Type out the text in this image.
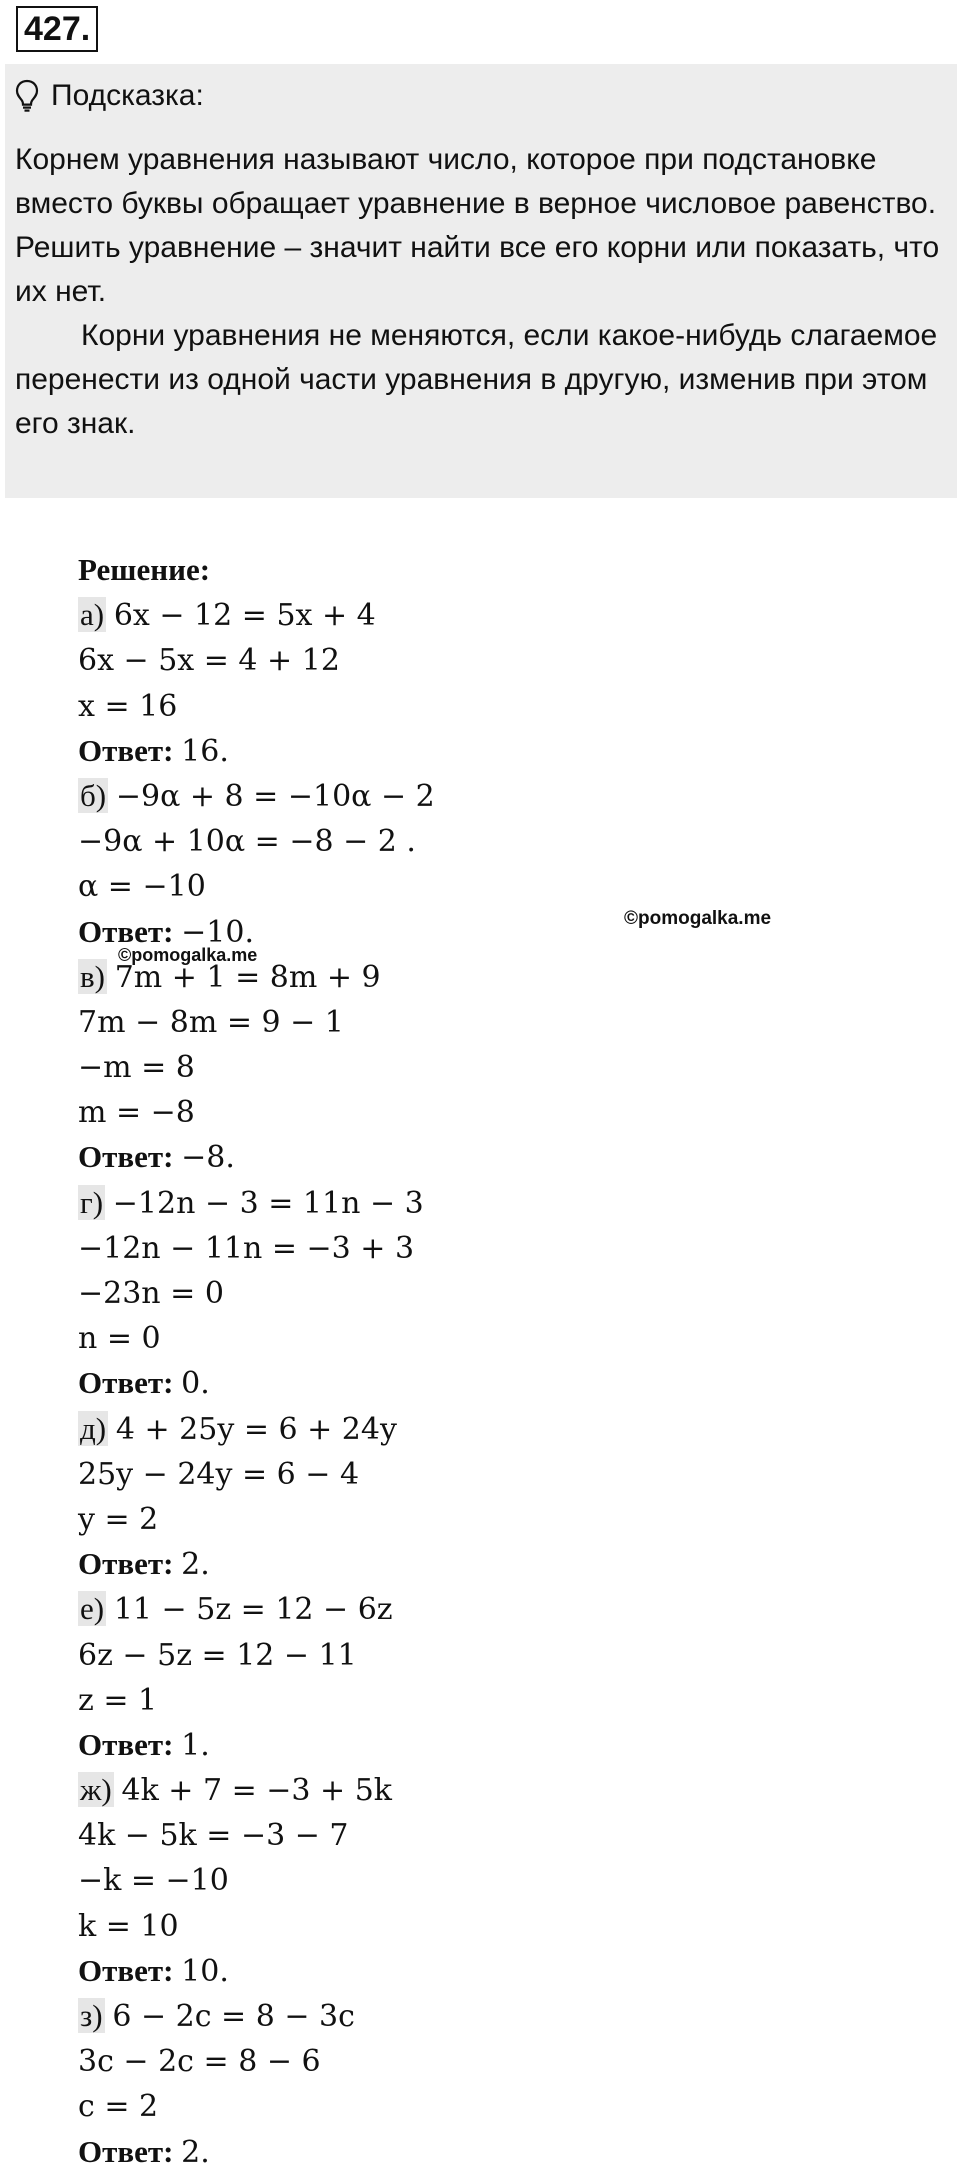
427.
Подсказка:

Корнем уравнения называют число, которое при подстановке вместо буквы обращает уравнение в верное числовое равенство.

Решить уравнение – значит найти все его корни или показать, что их нет.

Корни уравнения не меняются, если какое-нибудь слагаемое перенести из одной части уравнения в другую, изменив при этом его знак.

Решение:
а) 6x − 12 = 5x + 4
6x − 5x = 4 + 12
x = 16
Ответ: 16.
б) −9α + 8 = −10α − 2
−9α + 10α = −8 − 2 .
α = −10
Ответ: −10.
в) 7m + 1 = 8m + 9
7m − 8m = 9 − 1
−m = 8
m = −8
Ответ: −8.
г) −12n − 3 = 11n − 3
−12n − 11n = −3 + 3
−23n = 0
n = 0
Ответ: 0.
д) 4 + 25y = 6 + 24y
25y − 24y = 6 − 4
y = 2
Ответ: 2.
е) 11 − 5z = 12 − 6z
6z − 5z = 12 − 11
z = 1
Ответ: 1.
ж) 4k + 7 = −3 + 5k
4k − 5k = −3 − 7
−k = −10
k = 10
Ответ: 10.
з) 6 − 2c = 8 − 3c
3c − 2c = 8 − 6
c = 2
Ответ: 2.
©pomogalka.me
©pomogalka.me
